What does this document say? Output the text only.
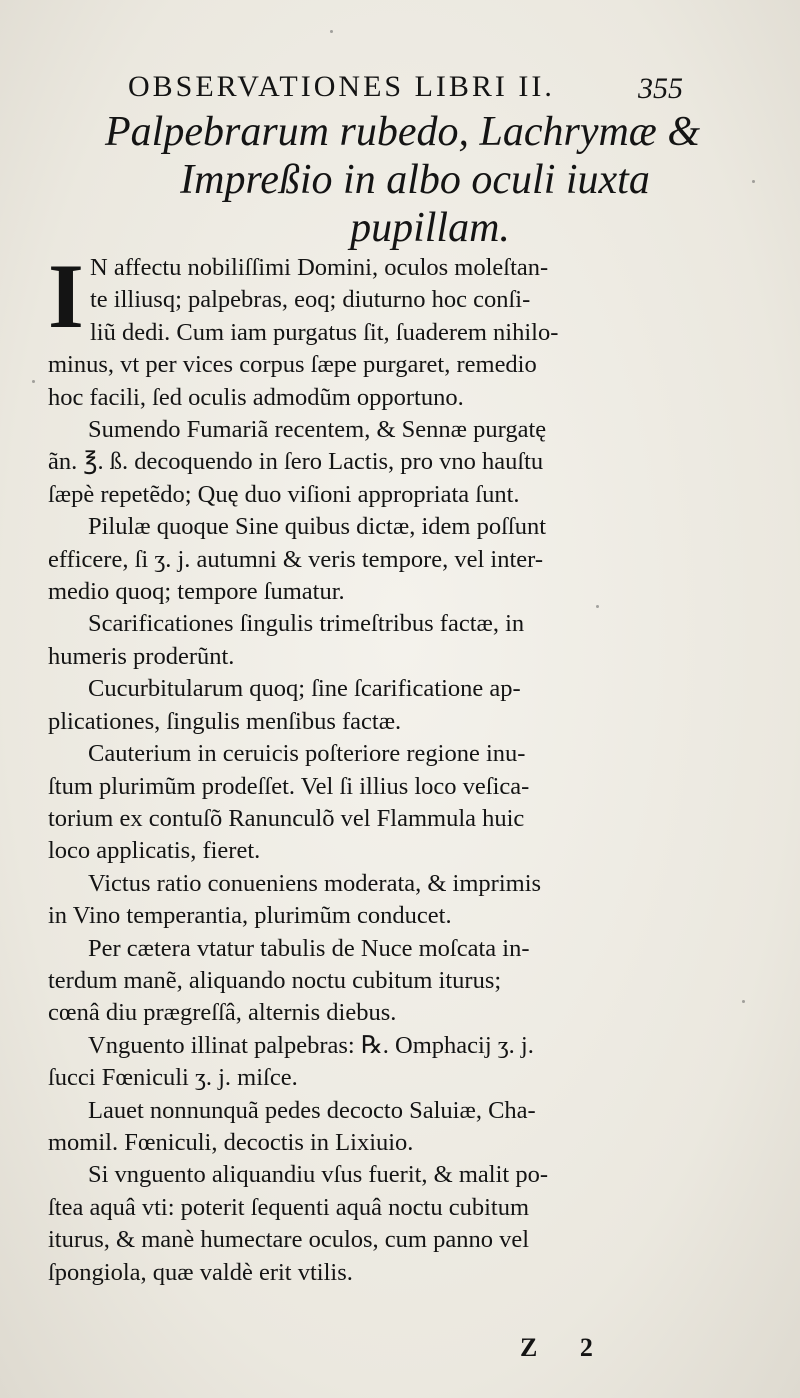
OBSERVATIONES LIBRI II.	355
Palpebrarum rubedo, Lachrymæ &
Impreßio in albo oculi iuxta
pupillam.
I N affectu nobiliſſimi Domini, oculos moleſtan-
te illiusq; palpebras, eoq; diuturno hoc conſi-
liũ dedi. Cum iam purgatus ſit, ſuaderem nihilo-
minus, vt per vices corpus ſæpe purgaret, remedio
hoc facili, ſed oculis admodũm opportuno.
Sumendo Fumariã recentem, & Sennæ purgatę
ãn. ℥. ß. decoquendo in ſero Lactis, pro vno hauſtu
ſæpè repetẽdo; Quę duo viſioni appropriata ſunt.
Pilulæ quoque Sine quibus dictæ, idem poſſunt
efficere, ſi ʒ. j. autumni & veris tempore, vel inter-
medio quoq; tempore ſumatur.
Scarificationes ſingulis trimeſtribus factæ, in
humeris proderũnt.
Cucurbitularum quoq; ſine ſcarificatione ap-
plicationes, ſingulis menſibus factæ.
Cauterium in ceruicis poſteriore regione inu-
ſtum plurimũm prodeſſet. Vel ſi illius loco veſica-
torium ex contuſõ Ranunculõ vel Flammula huic
loco applicatis, fieret.
Victus ratio conueniens moderata, & imprimis
in Vino temperantia, plurimũm conducet.
Per cætera vtatur tabulis de Nuce moſcata in-
terdum manẽ, aliquando noctu cubitum iturus;
cœnâ diu prægreſſâ, alternis diebus.
Vnguento illinat palpebras: ℞. Omphacij ʒ. j.
ſucci Fœniculi ʒ. j. miſce.
Lauet nonnunquã pedes decocto Saluiæ, Cha-
momil. Fœniculi, decoctis in Lixiuio.
Si vnguento aliquandiu vſus fuerit, & malit po-
ſtea aquâ vti: poterit ſequenti aquâ noctu cubitum
iturus, & manè humectare oculos, cum panno vel
ſpongiola, quæ valdè erit vtilis.
Z 2
